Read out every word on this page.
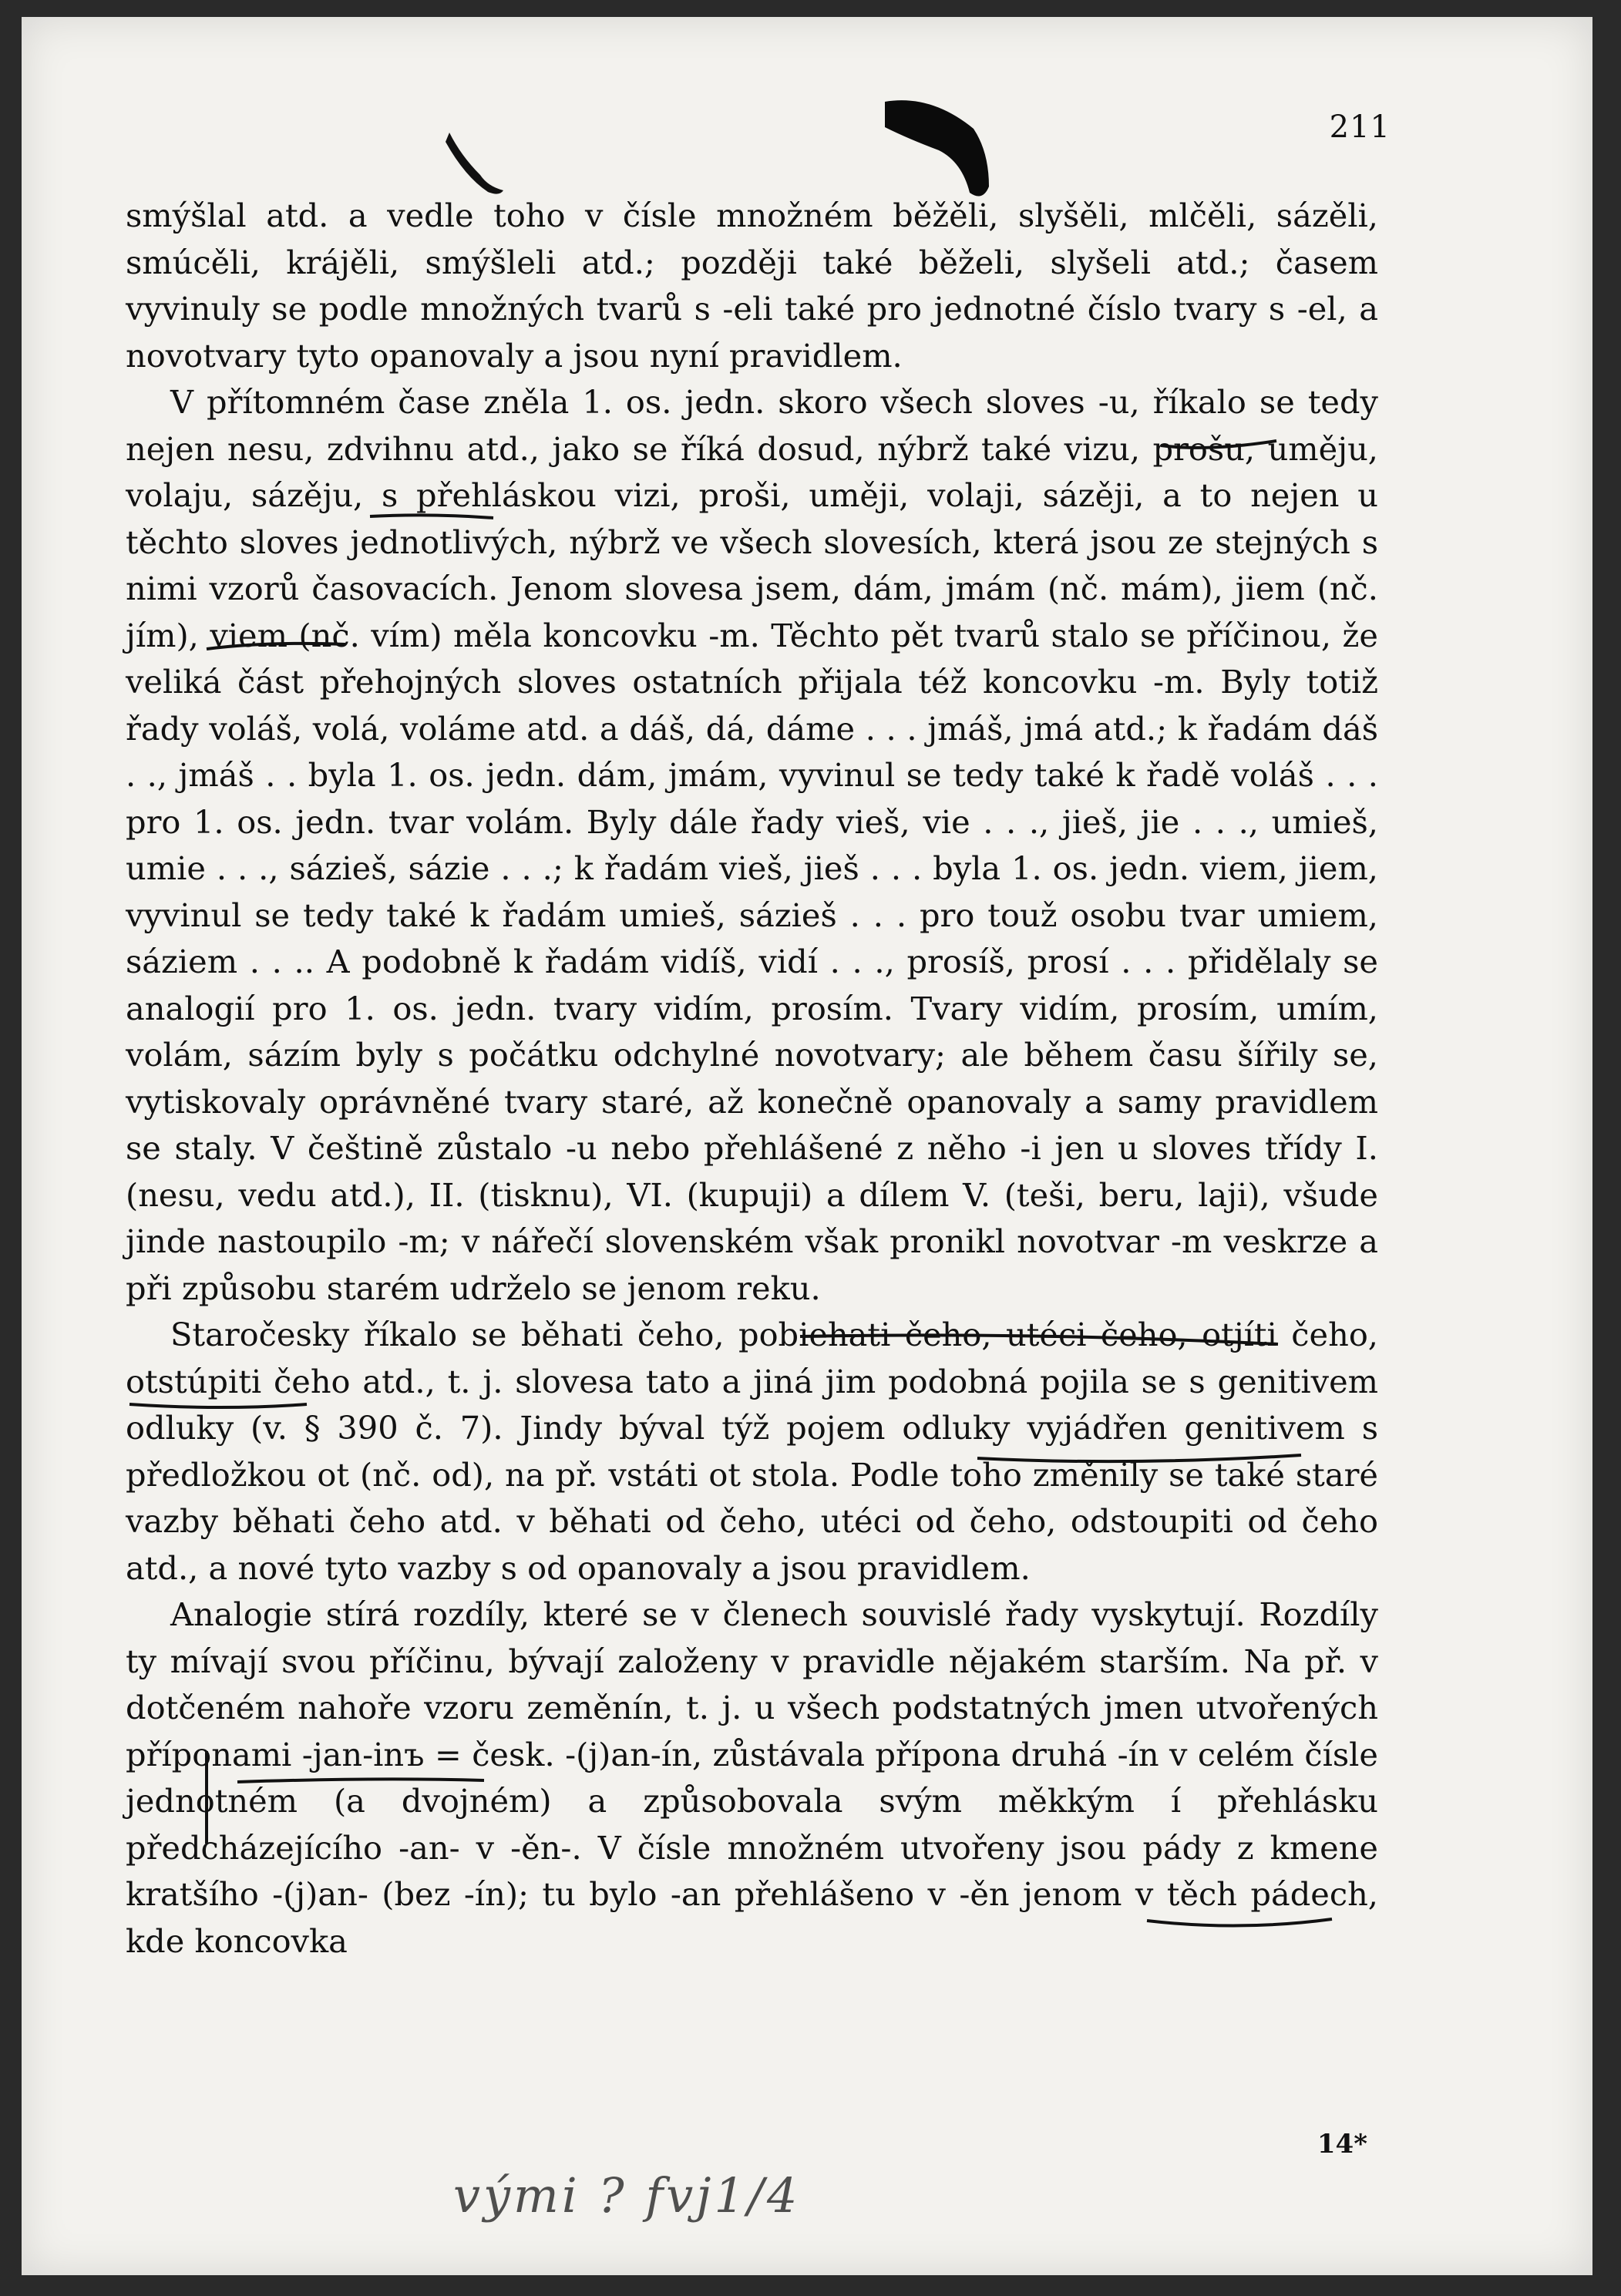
211

smýšlal atd. a vedle toho v čísle množném běžěli, slyšěli, mlčěli, sázěli, smúcěli, krájěli, smýšleli atd.; později také běželi, slyšeli atd.; časem vyvinuly se podle množných tvarů s -eli také pro jednotné číslo tvary s -el, a novotvary tyto opanovaly a jsou nyní pravidlem.

V přítomném čase zněla 1. os. jedn. skoro všech sloves -u, říkalo se tedy nejen nesu, zdvihnu atd., jako se říká dosud, nýbrž také vizu, prošu, uměju, volaju, sázěju, s přehláskou vizi, proši, uměji, volaji, sázěji, a to nejen u těchto sloves jednotlivých, nýbrž ve všech slovesích, která jsou ze stejných s nimi vzorů časovacích. Jenom slovesa jsem, dám, jmám (nč. mám), jiem (nč. jím), viem (nč. vím) měla koncovku -m. Těchto pět tvarů stalo se příčinou, že veliká část přehojných sloves ostatních přijala též koncovku -m. Byly totiž řady voláš, volá, voláme atd. a dáš, dá, dáme . . . jmáš, jmá atd.; k řadám dáš . ., jmáš . . byla 1. os. jedn. dám, jmám, vyvinul se tedy také k řadě voláš . . . pro 1. os. jedn. tvar volám. Byly dále řady vieš, vie . . ., jieš, jie . . ., umieš, umie . . ., sázieš, sázie . . .; k řadám vieš, jieš . . . byla 1. os. jedn. viem, jiem, vyvinul se tedy také k řadám umieš, sázieš . . . pro touž osobu tvar umiem, sáziem . . .. A podobně k řadám vidíš, vidí . . ., prosíš, prosí . . . přidělaly se analogií pro 1. os. jedn. tvary vidím, prosím. Tvary vidím, prosím, umím, volám, sázím byly s počátku odchylné novotvary; ale během času šířily se, vytiskovaly oprávněné tvary staré, až konečně opanovaly a samy pravidlem se staly. V češtině zůstalo -u nebo přehlášené z něho -i jen u sloves třídy I. (nesu, vedu atd.), II. (tisknu), VI. (kupuji) a dílem V. (teši, beru, laji), všude jinde nastoupilo -m; v nářečí slovenském však pronikl novotvar -m veskrze a při způsobu starém udrželo se jenom reku.

Staročesky říkalo se běhati čeho, pobiehati čeho, utéci čeho, otjíti čeho, otstúpiti čeho atd., t. j. slovesa tato a jiná jim podobná pojila se s genitivem odluky (v. § 390 č. 7). Jindy býval týž pojem odluky vyjádřen genitivem s předložkou ot (nč. od), na př. vstáti ot stola. Podle toho změnily se také staré vazby běhati čeho atd. v běhati od čeho, utéci od čeho, odstoupiti od čeho atd., a nové tyto vazby s od opanovaly a jsou pravidlem.

Analogie stírá rozdíly, které se v členech souvislé řady vyskytují. Rozdíly ty mívají svou příčinu, bývají založeny v pravidle nějakém starším. Na př. v dotčeném nahoře vzoru zeměnín, t. j. u všech podstatných jmen utvořených příponami -jan-inъ = česk. -(j)an-ín, zůstávala přípona druhá -ín v celém čísle jednotném (a dvojném) a způsobovala svým měkkým í přehlásku předcházejícího -an- v -ěn-. V čísle množném utvořeny jsou pády z kmene kratšího -(j)an- (bez -ín); tu bylo -an přehlášeno v -ěn jenom v těch pádech, kde koncovka

14*
vými ? fvj1/4
